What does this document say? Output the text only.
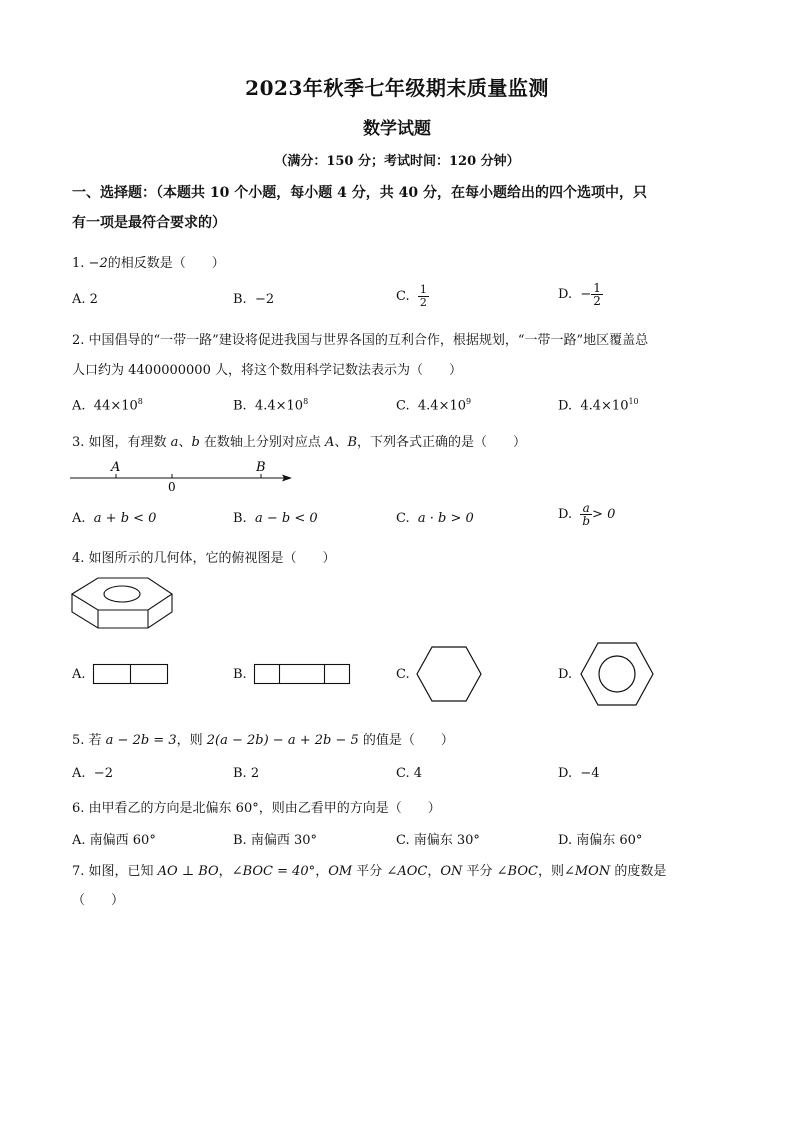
2023年秋季七年级期末质量监测
数学试题
（满分：150 分；考试时间：120 分钟）
一、选择题：（本题共 10 个小题，每小题 4 分，共 40 分，在每小题给出的四个选项中，只
有一项是最符合要求的）
1. −2的相反数是（　　）
A. 2	B. −2	C. $\frac{1}{2}$	D. − $\frac{1}{2}$
2. 中国倡导的“一带一路”建设将促进我国与世界各国的互利合作，根据规划，“一带一路”地区覆盖总
人口约为 4400000000 人，将这个数用科学记数法表示为（　　）
A. $44\times 10^8$	B. $4.4\times 10^8$	C. $4.4\times 10^9$	D. $4.4\times 10^{10}$
3. 如图，有理数 a、b 在数轴上分别对应点 A、B，下列各式正确的是（　　）
A	B
0
A. a + b < 0	B. a − b < 0	C. a · b > 0	D. $\frac{a}{b} > 0$
4. 如图所示的几何体，它的俯视图是（　　）
A.	B.	C.	D.
5. 若 a − 2b = 3，则 2(a − 2b) − a + 2b − 5 的值是（　　）
A. −2	B. 2	C. 4	D. −4
6. 由甲看乙的方向是北偏东 60°，则由乙看甲的方向是（　　）
A. 南偏西 60°	B. 南偏西 30°	C. 南偏东 30°	D. 南偏东 60°
7. 如图，已知 AO ⊥ BO，∠BOC = 40°，OM 平分 ∠AOC，ON 平分 ∠BOC，则∠MON 的度数是
（　　）
